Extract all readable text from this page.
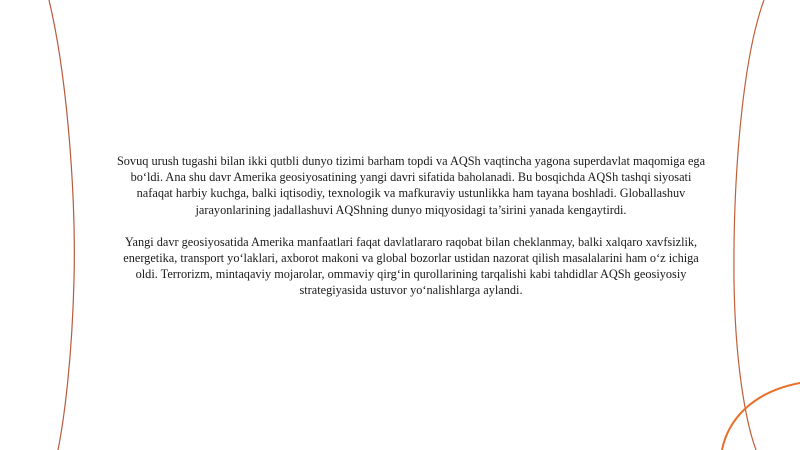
Sovuq urush tugashi bilan ikki qutbli dunyo tizimi barham topdi va AQSh vaqtincha yagona superdavlat maqomiga ega bo‘ldi. Ana shu davr Amerika geosiyosatining yangi davri sifatida baholanadi. Bu bosqichda AQSh tashqi siyosati nafaqat harbiy kuchga, balki iqtisodiy, texnologik va mafkuraviy ustunlikka ham tayana boshladi. Globallashuv jarayonlarining jadallashuvi AQShning dunyo miqyosidagi ta’sirini yanada kengaytirdi.

Yangi davr geosiyosatida Amerika manfaatlari faqat davlatlararo raqobat bilan cheklanmay, balki xalqaro xavfsizlik, energetika, transport yo‘laklari, axborot makoni va global bozorlar ustidan nazorat qilish masalalarini ham o‘z ichiga oldi. Terrorizm, mintaqaviy mojarolar, ommaviy qirg‘in qurollarining tarqalishi kabi tahdidlar AQSh geosiyosiy strategiyasida ustuvor yo‘nalishlarga aylandi.
